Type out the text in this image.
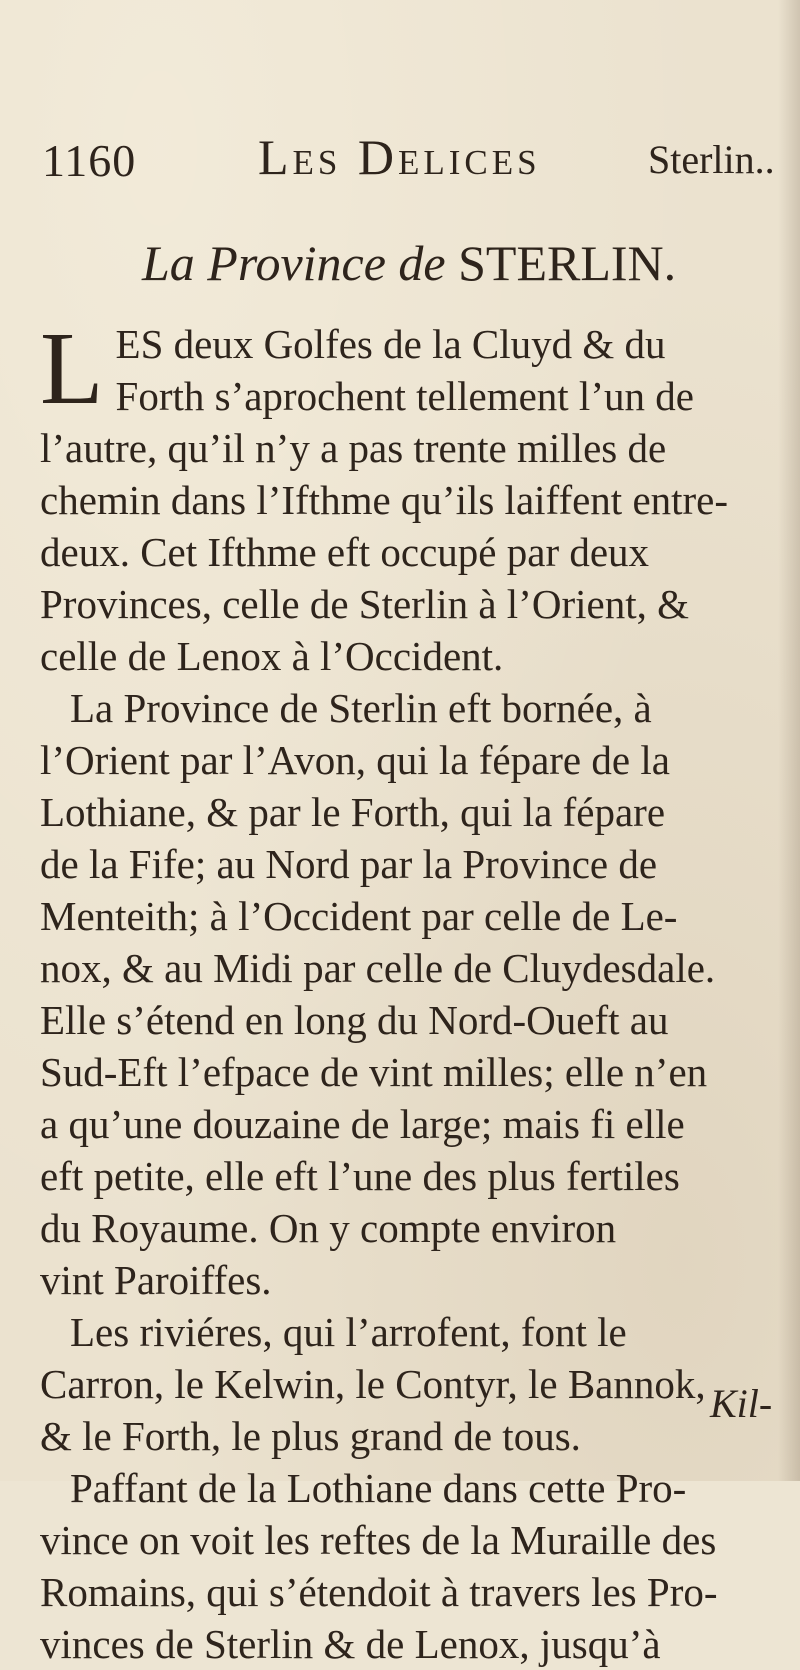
1160 Les Delices	Sterlin..
La Province de STERLIN.
L ES deux Golfes de la Cluyd & du
Forth s’aprochent tellement l’un de
l’autre, qu’il n’y a pas trente milles de
chemin dans l’Ifthme qu’ils laiffent entre-
deux. Cet Ifthme eft occupé par deux
Provinces, celle de Sterlin à l’Orient, &
celle de Lenox à l’Occident.
La Province de Sterlin eft bornée, à
l’Orient par l’Avon, qui la fépare de la
Lothiane, & par le Forth, qui la fépare
de la Fife; au Nord par la Province de
Menteith; à l’Occident par celle de Le-
nox, & au Midi par celle de Cluydesdale.
Elle s’étend en long du Nord-Oueft au
Sud-Eft l’efpace de vint milles; elle n’en
a qu’une douzaine de large; mais fi elle
eft petite, elle eft l’une des plus fertiles
du Royaume. On y compte environ
vint Paroiffes.
Les riviéres, qui l’arrofent, font le
Carron, le Kelwin, le Contyr, le Bannok,
& le Forth, le plus grand de tous.
Paffant de la Lothiane dans cette Pro-
vince on voit les reftes de la Muraille des
Romains, qui s’étendoit à travers les Pro-
vinces de Sterlin & de Lenox, jusqu’à
Kil-
